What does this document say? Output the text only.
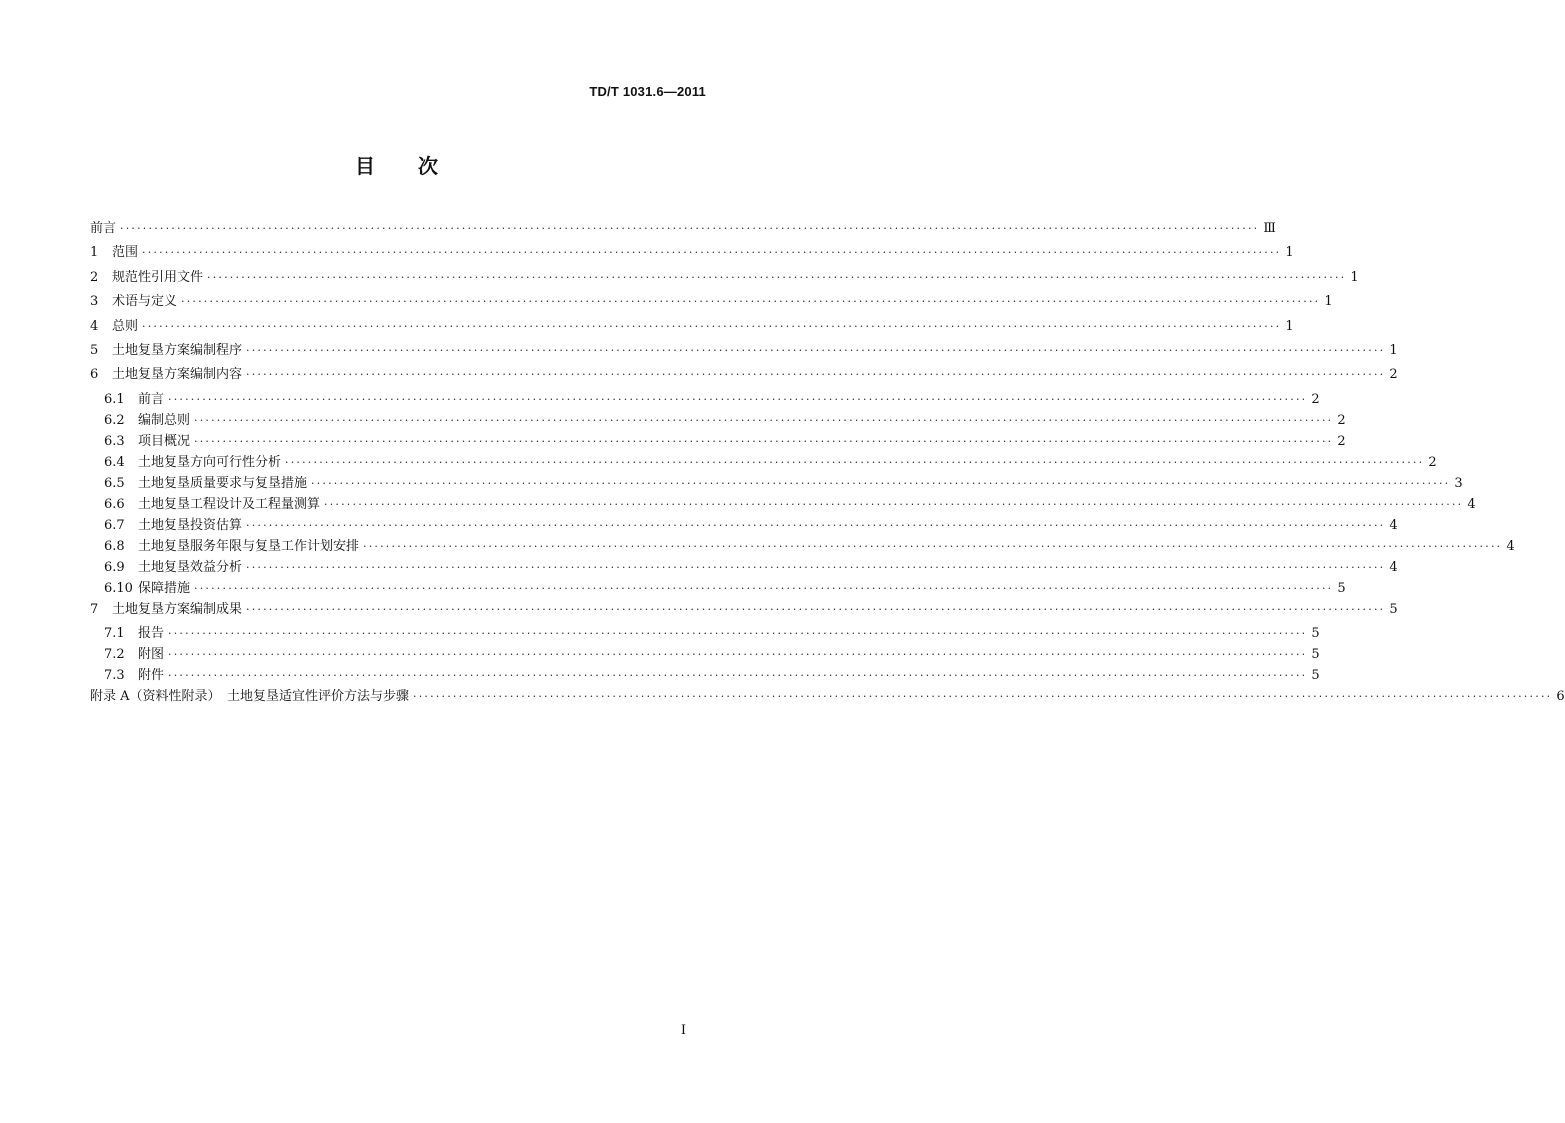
TD/T 1031.6—2011
目　　次
前言 ········································································································································································································ Ⅲ
1 范围 ········································································································································································································ 1
2 规范性引用文件 ········································································································································································································ 1
3 术语与定义 ········································································································································································································ 1
4 总则 ········································································································································································································ 1
5 土地复垦方案编制程序 ········································································································································································································ 1
6 土地复垦方案编制内容 ········································································································································································································ 2
6.1 前言 ········································································································································································································ 2
6.2 编制总则 ········································································································································································································ 2
6.3 项目概况 ········································································································································································································ 2
6.4 土地复垦方向可行性分析 ········································································································································································································ 2
6.5 土地复垦质量要求与复垦措施 ········································································································································································································ 3
6.6 土地复垦工程设计及工程量测算 ········································································································································································································ 4
6.7 土地复垦投资估算 ········································································································································································································ 4
6.8 土地复垦服务年限与复垦工作计划安排 ········································································································································································································ 4
6.9 土地复垦效益分析 ········································································································································································································ 4
6.10 保障措施 ········································································································································································································ 5
7 土地复垦方案编制成果 ········································································································································································································ 5
7.1 报告 ········································································································································································································ 5
7.2 附图 ········································································································································································································ 5
7.3 附件 ········································································································································································································ 5
附录 A（资料性附录）　土地复垦适宜性评价方法与步骤 ········································································································································································································ 6
I
